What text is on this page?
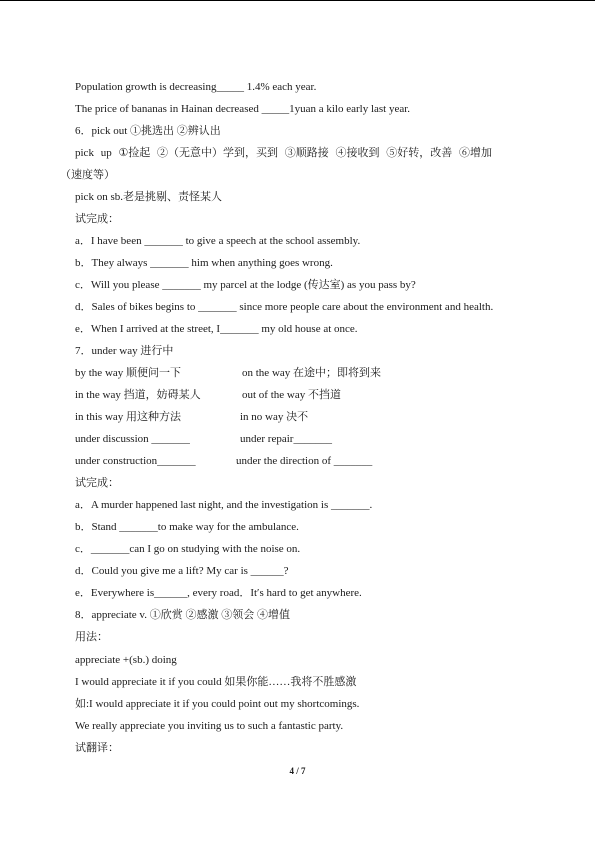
Population growth is decreasing_____ 1.4% each year.
The price of bananas in Hainan decreased _____1yuan a kilo early last year.
6．pick out ①挑选出 ②辨认出
pick up ①捡起 ②（无意中）学到，买到 ③顺路接 ④接收到 ⑤好转，改善 ⑥增加
（速度等）
pick on sb.老是挑剔、责怪某人
试完成：
a．I have been _______ to give a speech at the school assembly.
b．They always _______ him when anything goes wrong.
c．Will you please _______ my parcel at the lodge (传达室) as you pass by?
d．Sales of bikes begins to _______ since more people care about the environment and health.
e．When I arrived at the street, I_______ my old house at once.
7．under way 进行中
by the way 顺便问一下	on the way 在途中；即将到来
in the way 挡道，妨碍某人	out of the way 不挡道
in this way 用这种方法	in no way 决不
under discussion _______	under repair_______
under construction_______	under the direction of _______
试完成：
a．A murder happened last night, and the investigation is _______.
b．Stand _______to make way for the ambulance.
c．_______can I go on studying with the noise on.
d．Could you give me a lift? My car is ______?
e．Everywhere is______, every road．It′s hard to get anywhere.
8．appreciate v. ①欣赏 ②感激 ③领会 ④增值
用法：
appreciate +(sb.) doing
I would appreciate it if you could 如果你能……我将不胜感激
如:I would appreciate it if you could point out my shortcomings.
We really appreciate you inviting us to such a fantastic party.
试翻译：
4 / 7
